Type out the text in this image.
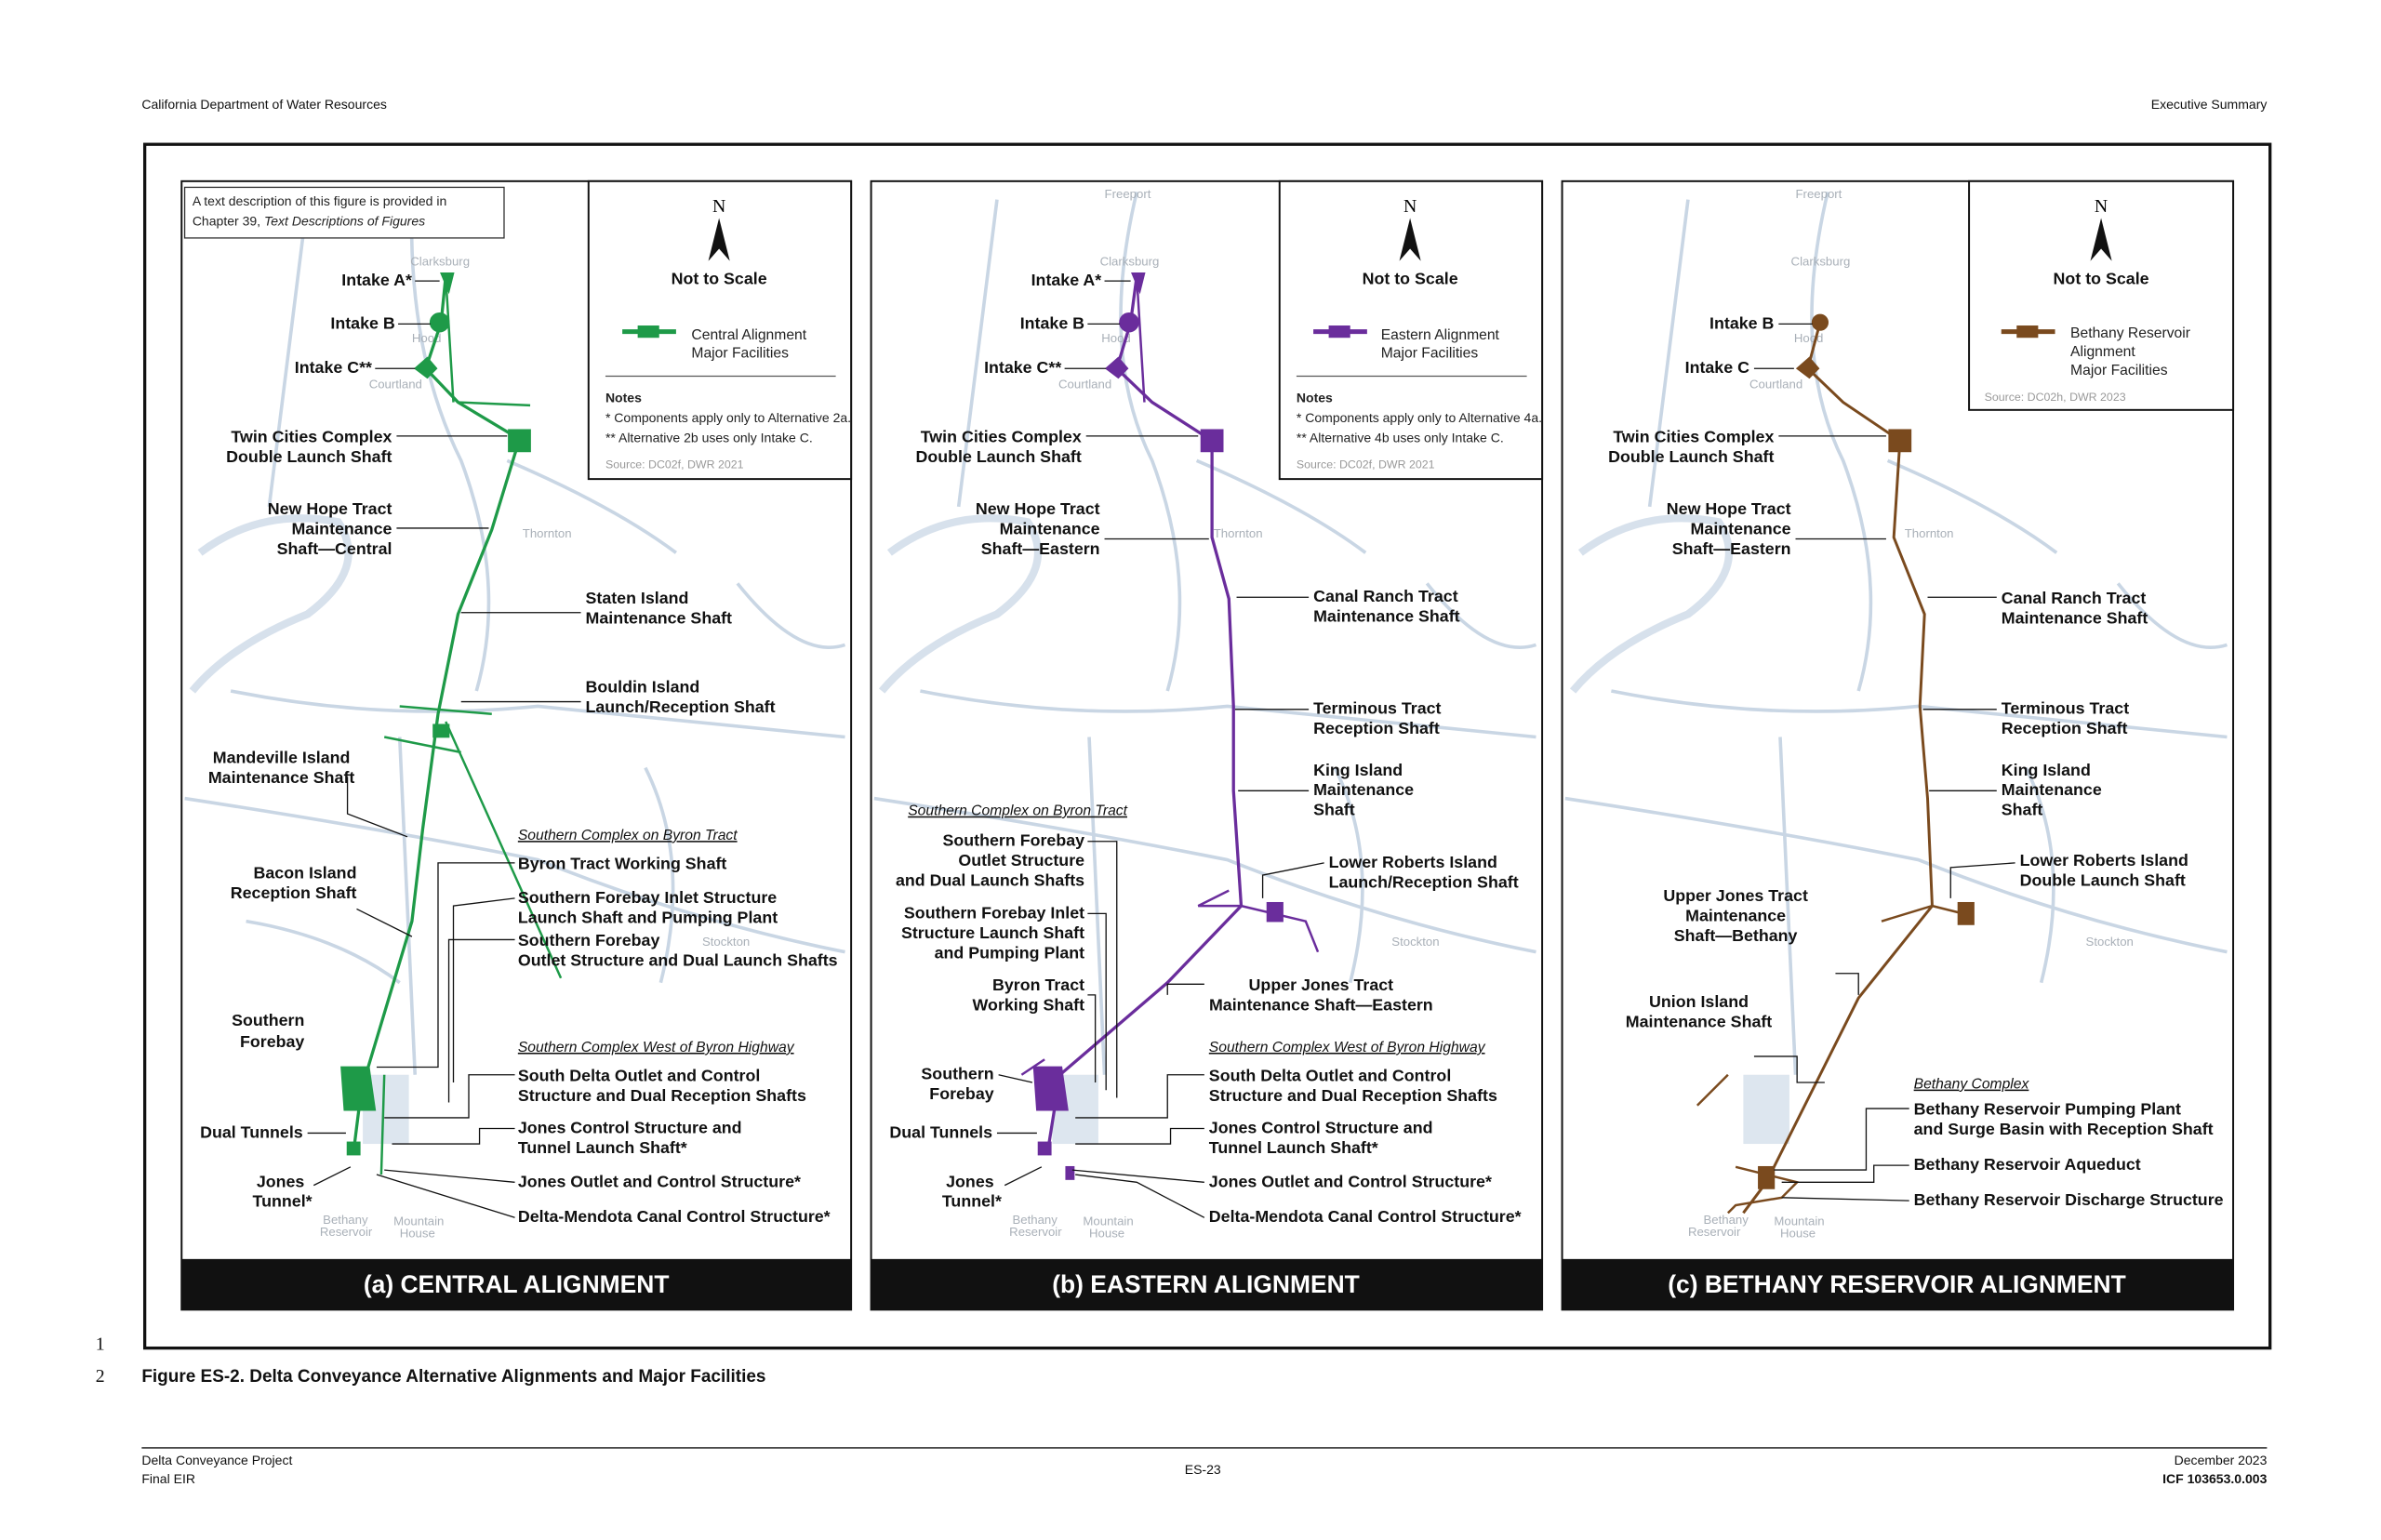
California Department of Water Resources	Executive Summary
Clarksburg
Hood
Courtland
Thornton
Stockton
Mountain
House
Bethany
Reservoir
(a) CENTRAL ALIGNMENT
A text description of this figure is provided in
Chapter 39, Text Descriptions of Figures
N
Not to Scale
Central Alignment
Major Facilities
Notes
* Components apply only to Alternative 2a.
** Alternative 2b uses only Intake C.
Source: DC02f, DWR 2021
Intake A*
Intake B
Intake C**
Twin Cities Complex
Double Launch Shaft
New Hope Tract
Maintenance
Shaft—Central
Staten Island
Maintenance Shaft
Bouldin Island
Launch/Reception Shaft
Mandeville Island
Maintenance Shaft
Southern Complex on Byron Tract
Byron Tract Working Shaft
Southern Forebay Inlet Structure
Launch Shaft and Pumping Plant
Southern Forebay
Outlet Structure and Dual Launch Shafts
Bacon Island
Reception Shaft
Southern
Forebay	Southern Complex West of Byron Highway
South Delta Outlet and Control
Structure and Dual Reception Shafts
Dual Tunnels	Jones Control Structure and
Tunnel Launch Shaft*
Jones
Tunnel*
Jones Outlet and Control Structure*
Delta-Mendota Canal Control Structure*
Freeport
Clarksburg
Hood
Courtland
Thornton
Stockton
Mountain
House
Bethany
Reservoir
(b) EASTERN ALIGNMENT
N
Not to Scale
Eastern Alignment
Major Facilities
Notes
* Components apply only to Alternative 4a.
** Alternative 4b uses only Intake C.
Source: DC02f, DWR 2021
Intake A*
Intake B
Intake C**
Twin Cities Complex
Double Launch Shaft
New Hope Tract
Maintenance
Shaft—Eastern
Canal Ranch Tract
Maintenance Shaft
Terminous Tract
Reception Shaft
King Island
Maintenance
Shaft
Southern Complex on Byron Tract
Southern Forebay
Outlet Structure
and Dual Launch Shafts
Southern Forebay Inlet
Structure Launch Shaft
and Pumping Plant
Byron Tract
Working Shaft
Lower Roberts Island
Launch/Reception Shaft
Upper Jones Tract
Maintenance Shaft—Eastern
Southern Complex West of Byron Highway
Southern
Forebay
South Delta Outlet and Control
Structure and Dual Reception Shafts
Dual Tunnels	Jones Control Structure and
Tunnel Launch Shaft*
Jones
Tunnel*
Jones Outlet and Control Structure*
Delta-Mendota Canal Control Structure*
Freeport
Clarksburg
Hood
Courtland
Thornton
Stockton
Mountain
House
Bethany
Reservoir
(c) BETHANY RESERVOIR ALIGNMENT
N
Not to Scale
Bethany Reservoir
Alignment
Major Facilities
Source: DC02h, DWR 2023
Intake B
Intake C
Twin Cities Complex
Double Launch Shaft
New Hope Tract
Maintenance
Shaft—Eastern
Canal Ranch Tract
Maintenance Shaft
Terminous Tract
Reception Shaft
King Island
Maintenance
Shaft
Lower Roberts Island
Double Launch Shaft
Upper Jones Tract
Maintenance
Shaft—Bethany
Union Island
Maintenance Shaft
Bethany Complex
Bethany Reservoir Pumping Plant
and Surge Basin with Reception Shaft
Bethany Reservoir Aqueduct
Bethany Reservoir Discharge Structure
1
2	Figure ES-2. Delta Conveyance Alternative Alignments and Major Facilities
Delta Conveyance Project
Final EIR
ES-23
December 2023
ICF 103653.0.003
